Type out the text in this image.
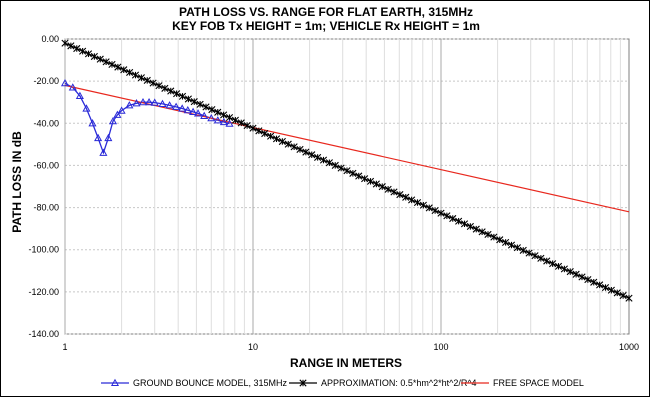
PATH LOSS VS. RANGE FOR FLAT EARTH, 315MHz
KEY FOB Tx HEIGHT = 1m; VEHICLE Rx HEIGHT = 1m
0.00
-20.00
-40.00
-60.00
-80.00
-100.00
-120.00
-140.00
1	10	100	1000
PATH LOSS IN dB
RANGE IN METERS
GROUND BOUNCE MODEL, 315MHz	APPROXIMATION: 0.5*hm^2*ht^2/R^4 FREE SPACE MODEL
